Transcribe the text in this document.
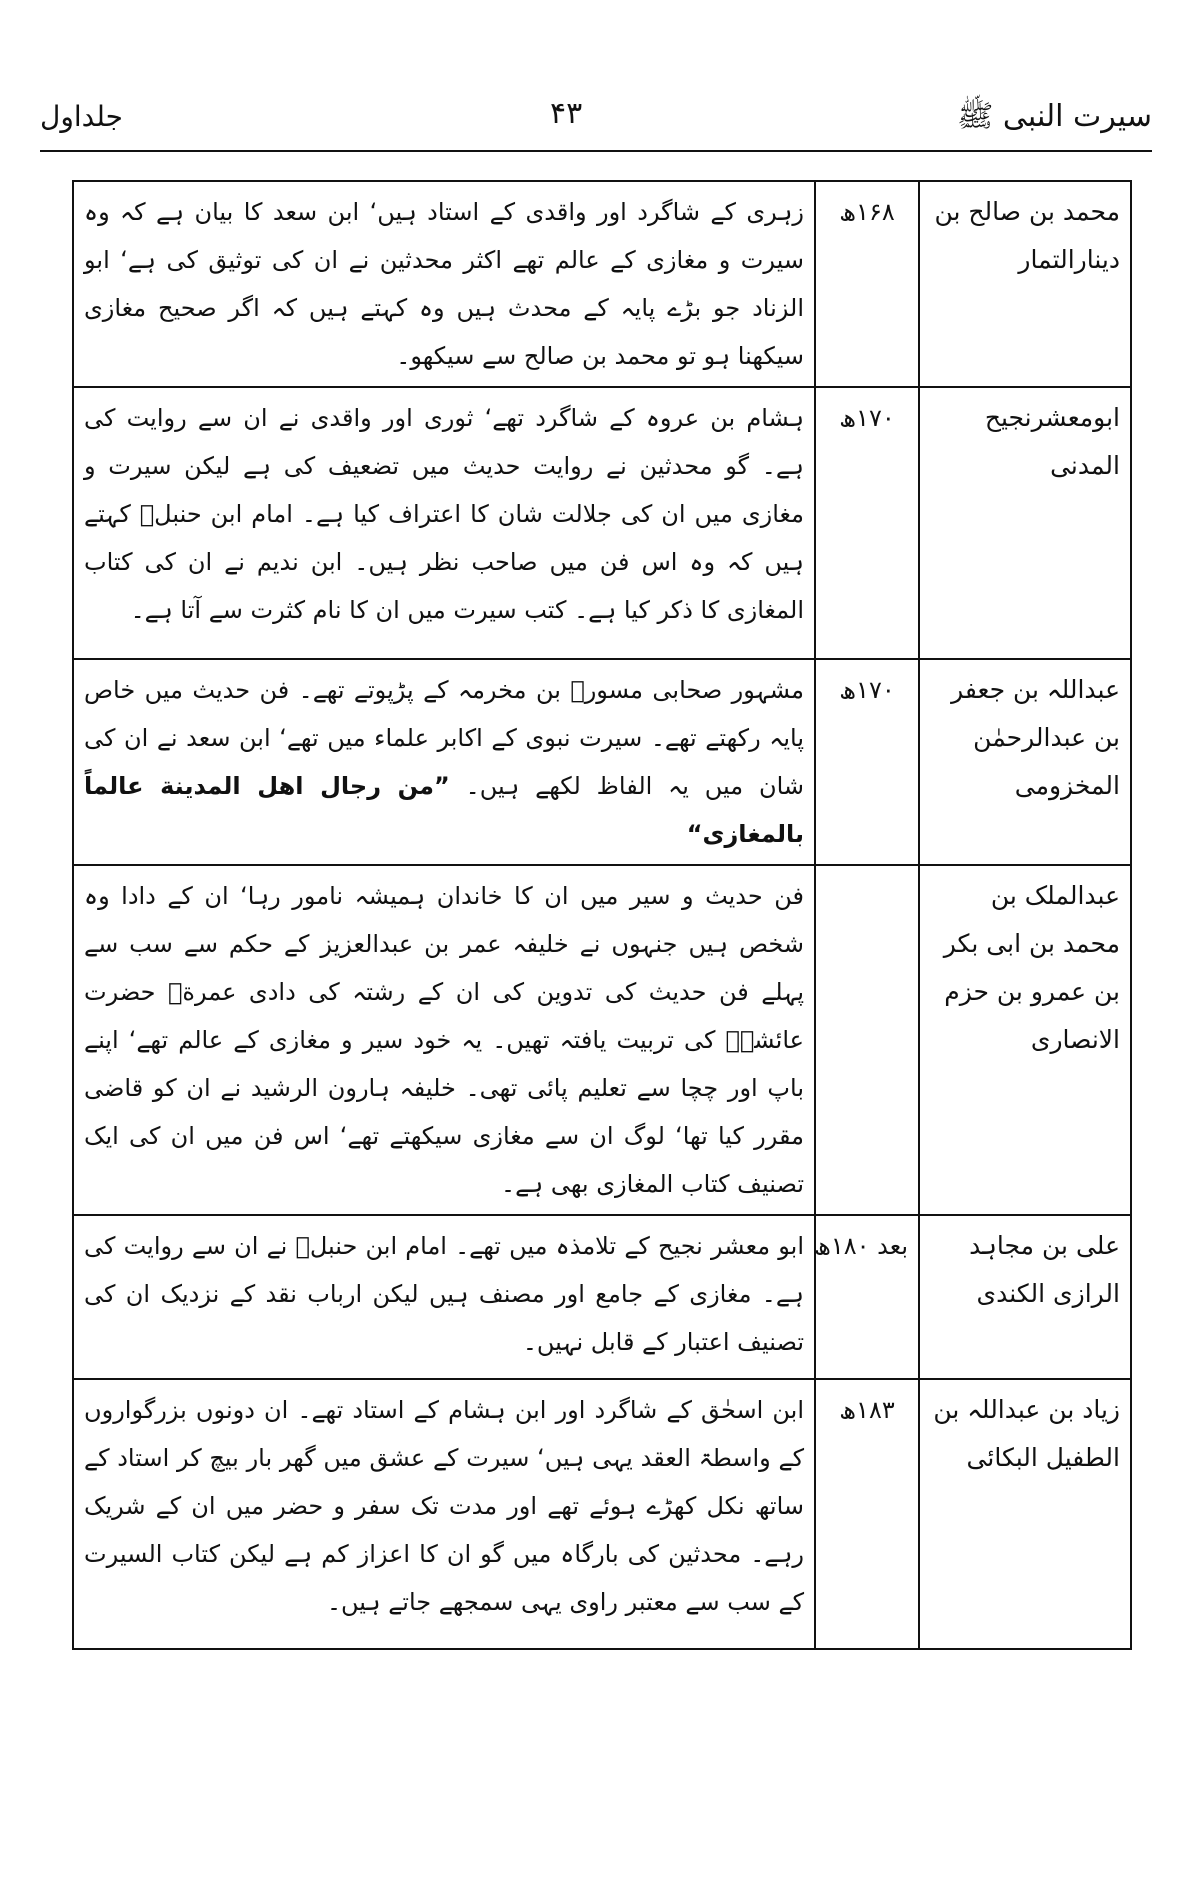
سیرت النبی ﷺ
۴۳
جلداول
محمد بن صالح بن دینارالتمار	۱۶۸ھ	زہری کے شاگرد اور واقدی کے استاد ہیں‘ ابن سعد کا بیان ہے کہ وہ سیرت و مغازی کے عالم تھے اکثر محدثین نے ان کی توثیق کی ہے‘ ابو الزناد جو بڑے پایہ کے محدث ہیں وہ کہتے ہیں کہ اگر صحیح مغازی سیکھنا ہو تو محمد بن صالح سے سیکھو۔
ابومعشرنجیح المدنی	۱۷۰ھ	ہشام بن عروہ کے شاگرد تھے‘ ثوری اور واقدی نے ان سے روایت کی ہے۔ گو محدثین نے روایت حدیث میں تضعیف کی ہے لیکن سیرت و مغازی میں ان کی جلالت شان کا اعتراف کیا ہے۔ امام ابن حنبلؒ کہتے ہیں کہ وہ اس فن میں صاحب نظر ہیں۔ ابن ندیم نے ان کی کتاب المغازی کا ذکر کیا ہے۔ کتب سیرت میں ان کا نام کثرت سے آتا ہے۔
عبداللہ بن جعفر بن عبدالرحمٰن المخزومی	۱۷۰ھ	مشہور صحابی مسورؓ بن مخرمہ کے پڑپوتے تھے۔ فن حدیث میں خاص پایہ رکھتے تھے۔ سیرت نبوی کے اکابر علماء میں تھے‘ ابن سعد نے ان کی شان میں یہ الفاظ لکھے ہیں۔ ”من رجال اهل المدینة عالماً بالمغازی“
عبدالملک بن محمد بن ابی بکر بن عمرو بن حزم الانصاری		فن حدیث و سیر میں ان کا خاندان ہمیشہ نامور رہا‘ ان کے دادا وہ شخص ہیں جنہوں نے خلیفہ عمر بن عبدالعزیز کے حکم سے سب سے پہلے فن حدیث کی تدوین کی ان کے رشتہ کی دادی عمرةؓ حضرت عائشہؓ کی تربیت یافتہ تھیں۔ یہ خود سیر و مغازی کے عالم تھے‘ اپنے باپ اور چچا سے تعلیم پائی تھی۔ خلیفہ ہارون الرشید نے ان کو قاضی مقرر کیا تھا‘ لوگ ان سے مغازی سیکھتے تھے‘ اس فن میں ان کی ایک تصنیف کتاب المغازی بھی ہے۔
علی بن مجاہد الرازی الکندی	بعد ۱۸۰ھ	ابو معشر نجیح کے تلامذہ میں تھے۔ امام ابن حنبلؒ نے ان سے روایت کی ہے۔ مغازی کے جامع اور مصنف ہیں لیکن ارباب نقد کے نزدیک ان کی تصنیف اعتبار کے قابل نہیں۔
زیاد بن عبداللہ بن الطفیل البکائی	۱۸۳ھ	ابن اسحٰق کے شاگرد اور ابن ہشام کے استاد تھے۔ ان دونوں بزرگواروں کے واسطۃ العقد یہی ہیں‘ سیرت کے عشق میں گھر بار بیچ کر استاد کے ساتھ نکل کھڑے ہوئے تھے اور مدت تک سفر و حضر میں ان کے شریک رہے۔ محدثین کی بارگاہ میں گو ان کا اعزاز کم ہے لیکن کتاب السیرت کے سب سے معتبر راوی یہی سمجھے جاتے ہیں۔
